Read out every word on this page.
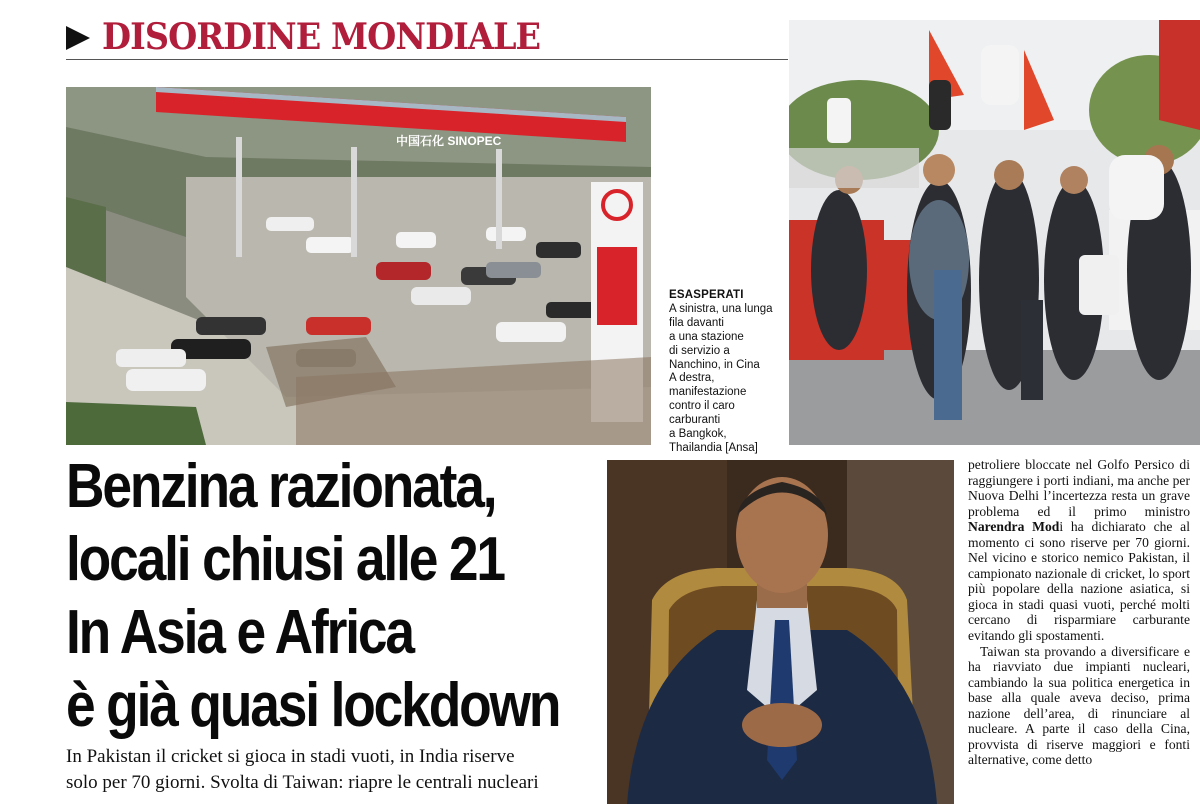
DISORDINE MONDIALE
中国石化 SINOPEC
ESASPERATI
A sinistra, una lunga
fila davanti
a una stazione
di servizio a
Nanchino, in Cina
A destra,
manifestazione
contro il caro
carburanti
a Bangkok,
Thailandia [Ansa]
Benzina razionata,
locali chiusi alle 21
In Asia e Africa
è già quasi lockdown
In Pakistan il cricket si gioca in stadi vuoti, in India riserve
solo per 70 giorni. Svolta di Taiwan: riapre le centrali nucleari

petroliere bloccate nel Golfo Persico di raggiungere i porti indiani, ma anche per Nuova Delhi l’incertezza resta un grave problema ed il primo ministro Narendra Modi ha dichiarato che al momento ci sono riserve per 70 giorni. Nel vicino e storico nemico Pakistan, il campionato nazionale di cricket, lo sport più popolare della nazione asiatica, si gioca in stadi quasi vuoti, perché molti cercano di risparmiare carburante evitando gli spostamenti.

Taiwan sta provando a diversificare e ha riavviato due impianti nucleari, cambiando la sua politica energetica in base alla quale aveva deciso, prima nazione dell’area, di rinunciare al nucleare. A parte il caso della Cina, provvista di riserve maggiori e fonti alternative, come detto
